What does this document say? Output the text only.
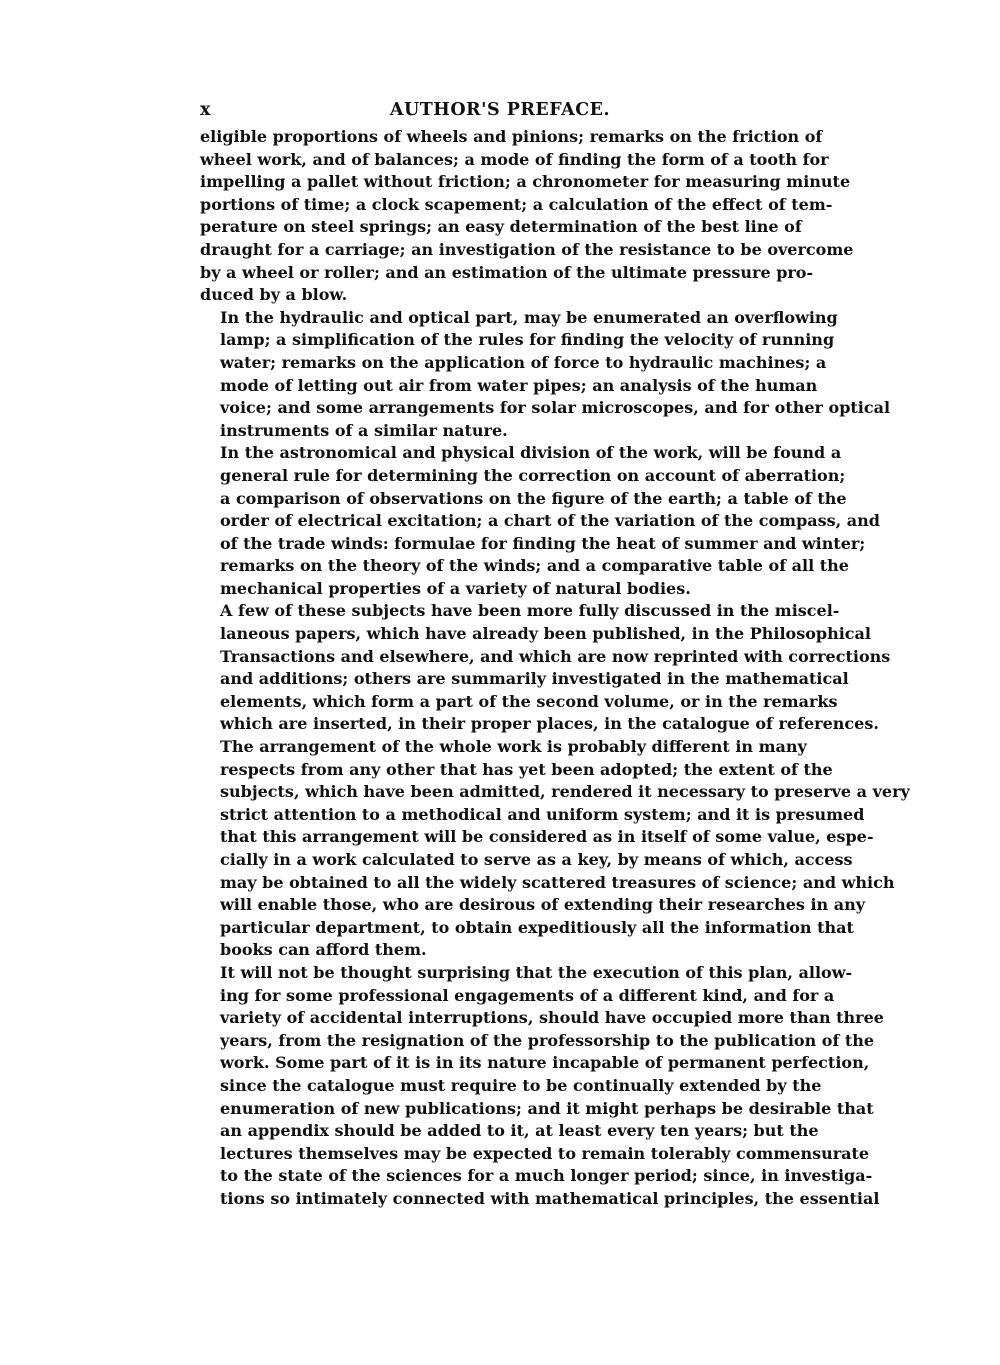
x	AUTHOR'S PREFACE.

eligible proportions of wheels and pinions; remarks on the friction of
wheel work, and of balances; a mode of finding the form of a tooth for
impelling a pallet without friction; a chronometer for measuring minute
portions of time; a clock scapement; a calculation of the effect of tem-
perature on steel springs; an easy determination of the best line of
draught for a carriage; an investigation of the resistance to be overcome
by a wheel or roller; and an estimation of the ultimate pressure pro-
duced by a blow.

In the hydraulic and optical part, may be enumerated an overflowing
lamp; a simplification of the rules for finding the velocity of running
water; remarks on the application of force to hydraulic machines; a
mode of letting out air from water pipes; an analysis of the human
voice; and some arrangements for solar microscopes, and for other optical
instruments of a similar nature.

In the astronomical and physical division of the work, will be found a
general rule for determining the correction on account of aberration;
a comparison of observations on the figure of the earth; a table of the
order of electrical excitation; a chart of the variation of the compass, and
of the trade winds: formulae for finding the heat of summer and winter;
remarks on the theory of the winds; and a comparative table of all the
mechanical properties of a variety of natural bodies.

A few of these subjects have been more fully discussed in the miscel-
laneous papers, which have already been published, in the Philosophical
Transactions and elsewhere, and which are now reprinted with corrections
and additions; others are summarily investigated in the mathematical
elements, which form a part of the second volume, or in the remarks
which are inserted, in their proper places, in the catalogue of references.

The arrangement of the whole work is probably different in many
respects from any other that has yet been adopted; the extent of the
subjects, which have been admitted, rendered it necessary to preserve a very
strict attention to a methodical and uniform system; and it is presumed
that this arrangement will be considered as in itself of some value, espe-
cially in a work calculated to serve as a key, by means of which, access
may be obtained to all the widely scattered treasures of science; and which
will enable those, who are desirous of extending their researches in any
particular department, to obtain expeditiously all the information that
books can afford them.

It will not be thought surprising that the execution of this plan, allow-
ing for some professional engagements of a different kind, and for a
variety of accidental interruptions, should have occupied more than three
years, from the resignation of the professorship to the publication of the
work. Some part of it is in its nature incapable of permanent perfection,
since the catalogue must require to be continually extended by the
enumeration of new publications; and it might perhaps be desirable that
an appendix should be added to it, at least every ten years; but the
lectures themselves may be expected to remain tolerably commensurate
to the state of the sciences for a much longer period; since, in investiga-
tions so intimately connected with mathematical principles, the essential
